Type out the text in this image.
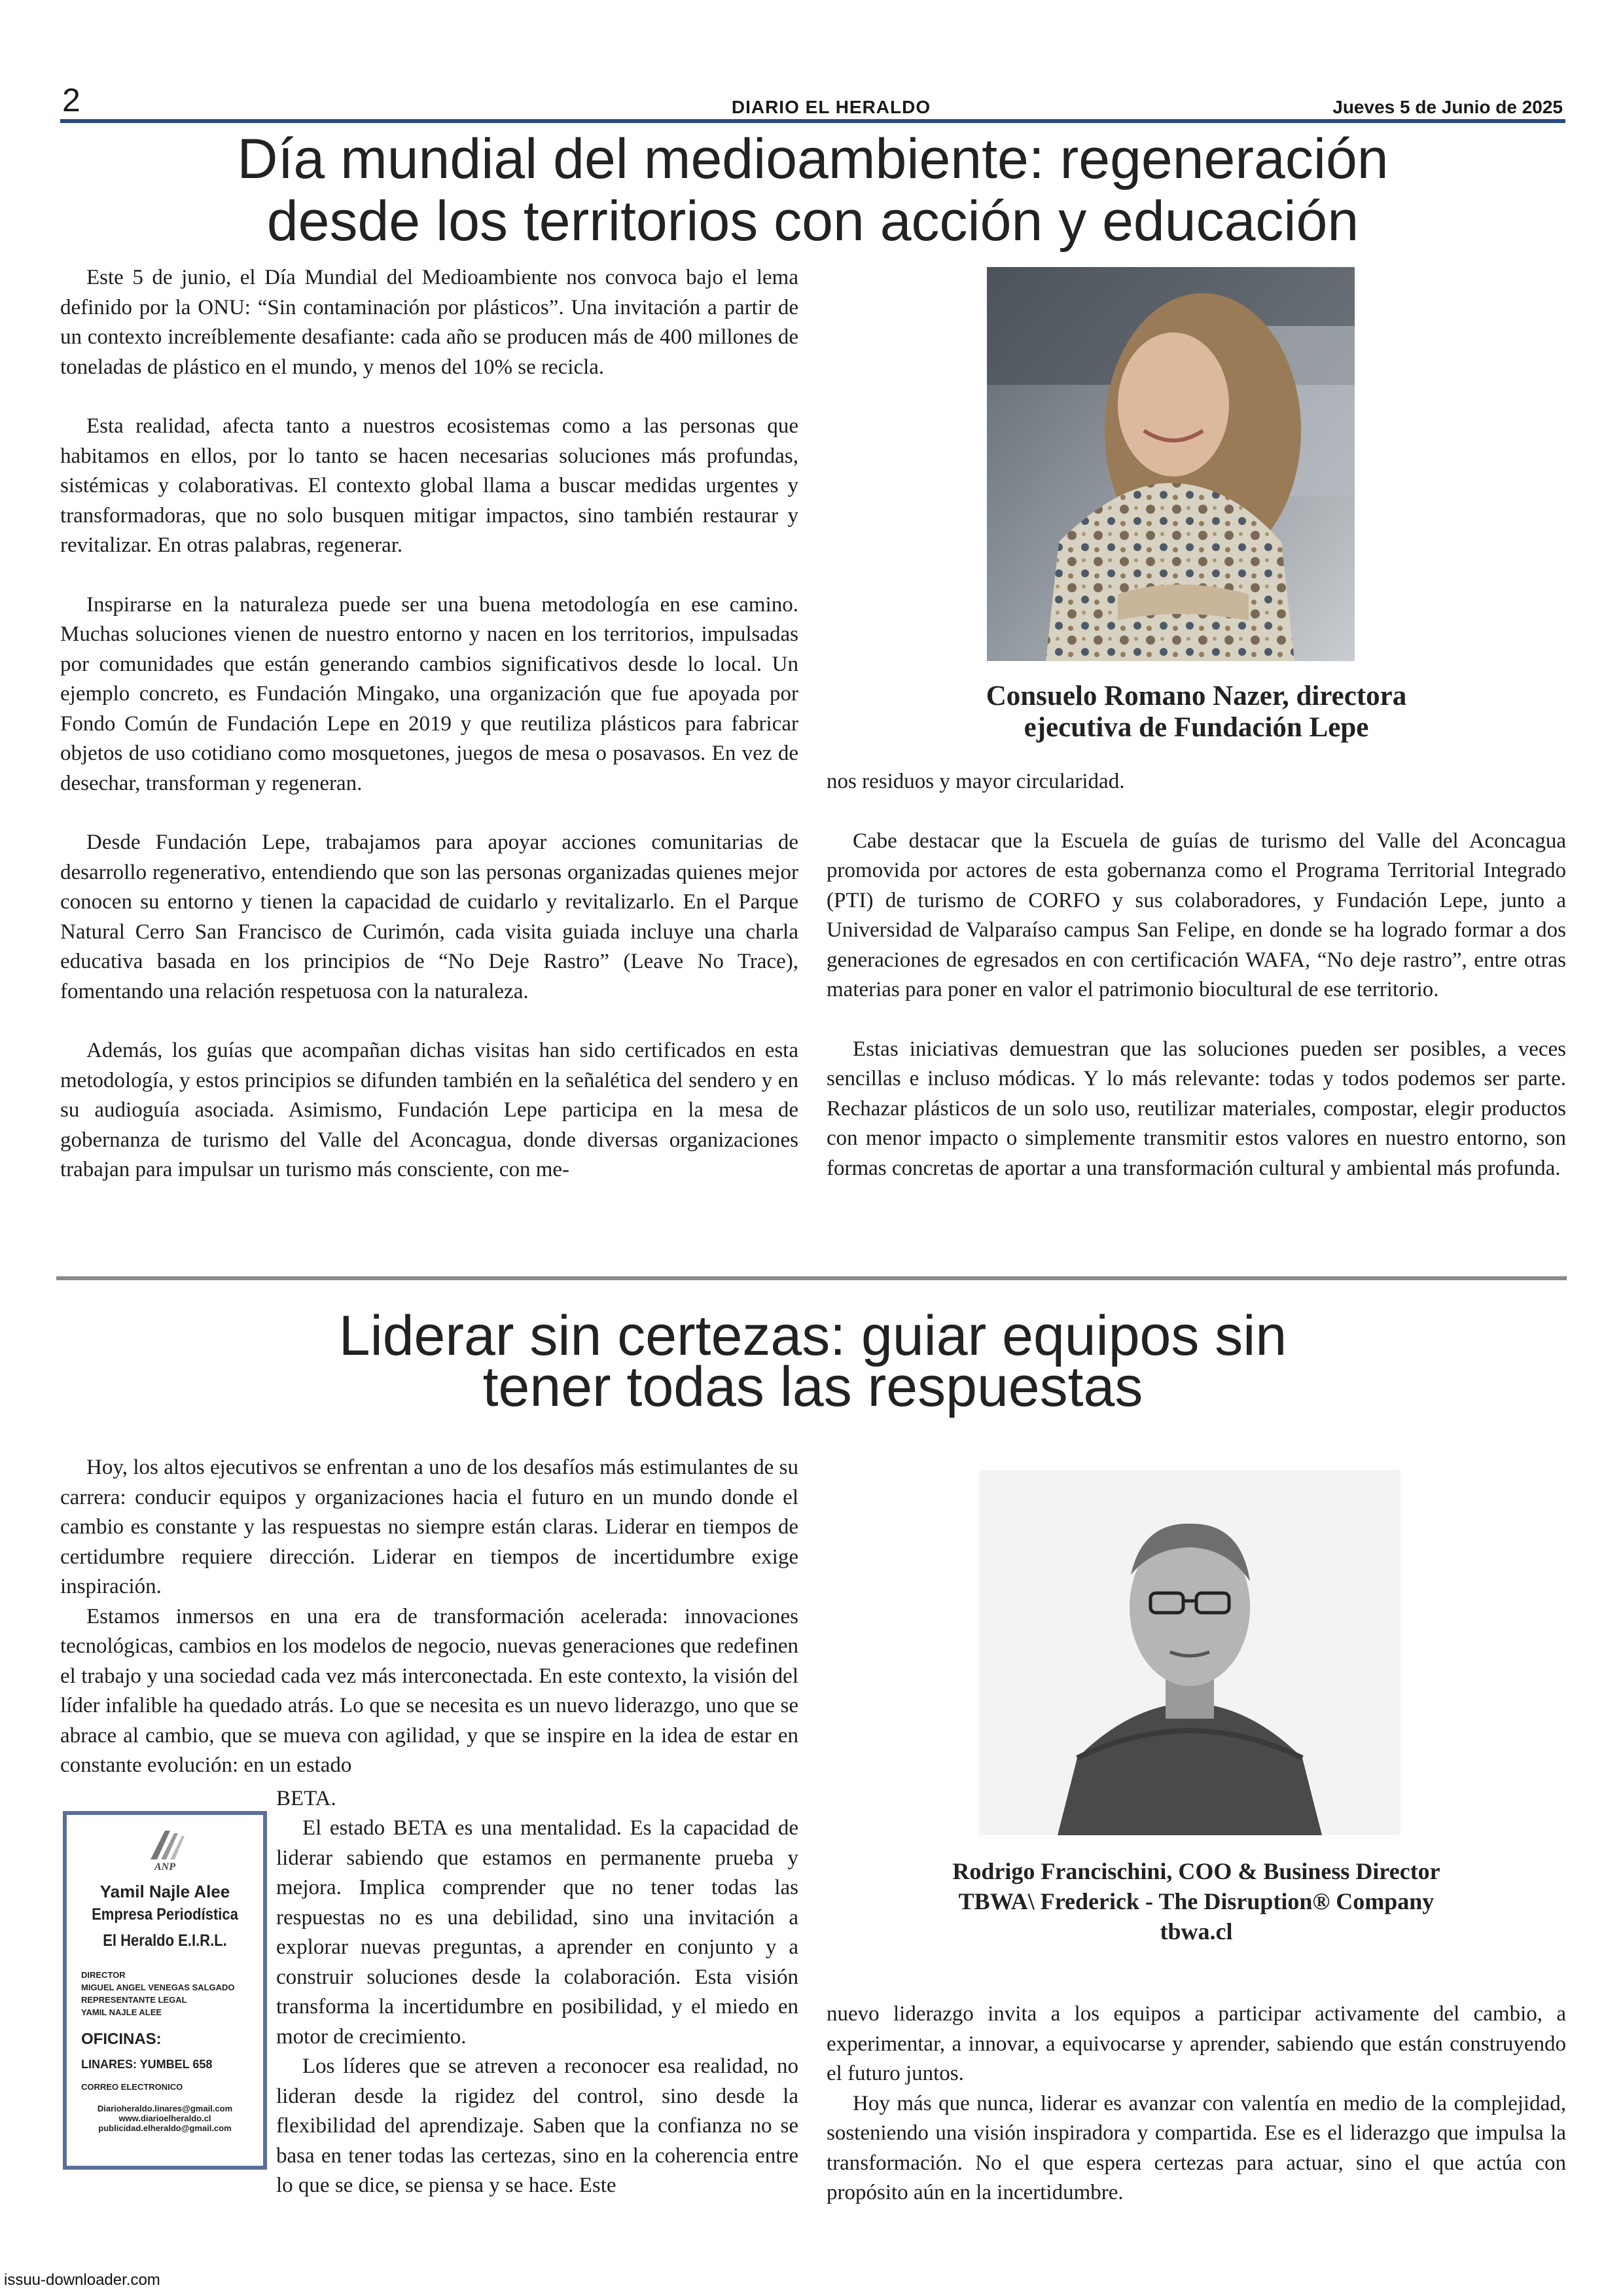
2	DIARIO EL HERALDO	Jueves 5 de Junio de 2025
Día mundial del medioambiente: regeneración
desde los territorios con acción y educación

Este 5 de junio, el Día Mundial del Medioambiente nos convoca bajo el lema definido por la ONU: “Sin contaminación por plásticos”. Una invitación a partir de un contexto increíblemente desafiante: cada año se producen más de 400 millones de toneladas de plástico en el mundo, y menos del 10% se recicla.

Esta realidad, afecta tanto a nuestros ecosistemas como a las personas que habitamos en ellos, por lo tanto se hacen necesarias soluciones más profundas, sistémicas y colaborativas. El contexto global llama a buscar medidas urgentes y transformadoras, que no solo busquen mitigar impactos, sino también restaurar y revitalizar. En otras palabras, regenerar.

Inspirarse en la naturaleza puede ser una buena metodología en ese camino. Muchas soluciones vienen de nuestro entorno y nacen en los territorios, impulsadas por comunidades que están generando cambios significativos desde lo local. Un ejemplo concreto, es Fundación Mingako, una organización que fue apoyada por Fondo Común de Fundación Lepe en 2019 y que reutiliza plásticos para fabricar objetos de uso cotidiano como mosquetones, juegos de mesa o posavasos. En vez de desechar, transforman y regeneran.

Desde Fundación Lepe, trabajamos para apoyar acciones comunitarias de desarrollo regenerativo, entendiendo que son las personas organizadas quienes mejor conocen su entorno y tienen la capacidad de cuidarlo y revitalizarlo. En el Parque Natural Cerro San Francisco de Curimón, cada visita guiada incluye una charla educativa basada en los principios de “No Deje Rastro” (Leave No Trace), fomentando una relación respetuosa con la naturaleza.

Además, los guías que acompañan dichas visitas han sido certificados en esta metodología, y estos principios se difunden también en la señalética del sendero y en su audioguía asociada. Asimismo, Fundación Lepe participa en la mesa de gobernanza de turismo del Valle del Aconcagua, donde diversas organizaciones trabajan para impulsar un turismo más consciente, con me-

Consuelo Romano Nazer, directora
ejecutiva de Fundación Lepe
nos residuos y mayor circularidad.

Cabe destacar que la Escuela de guías de turismo del Valle del Aconcagua promovida por actores de esta gobernanza como el Programa Territorial Integrado (PTI) de turismo de CORFO y sus colaboradores, y Fundación Lepe, junto a Universidad de Valparaíso campus San Felipe, en donde se ha logrado formar a dos generaciones de egresados en con certificación WAFA, “No deje rastro”, entre otras materias para poner en valor el patrimonio biocultural de ese territorio.

Estas iniciativas demuestran que las soluciones pueden ser posibles, a veces sencillas e incluso módicas. Y lo más relevante: todas y todos podemos ser parte. Rechazar plásticos de un solo uso, reutilizar materiales, compostar, elegir productos con menor impacto o simplemente transmitir estos valores en nuestro entorno, son formas concretas de aportar a una transformación cultural y ambiental más profunda.

Liderar sin certezas: guiar equipos sin
tener todas las respuestas

Hoy, los altos ejecutivos se enfrentan a uno de los desafíos más estimulantes de su carrera: conducir equipos y organizaciones hacia el futuro en un mundo donde el cambio es constante y las respuestas no siempre están claras. Liderar en tiempos de certidumbre requiere dirección. Liderar en tiempos de incertidumbre exige inspiración.

Estamos inmersos en una era de transformación acelerada: innovaciones tecnológicas, cambios en los modelos de negocio, nuevas generaciones que redefinen el trabajo y una sociedad cada vez más interconectada. En este contexto, la visión del líder infalible ha quedado atrás. Lo que se necesita es un nuevo liderazgo, uno que se abrace al cambio, que se mueva con agilidad, y que se inspire en la idea de estar en constante evolución: en un estado

BETA.

El estado BETA es una mentalidad. Es la capacidad de liderar sabiendo que estamos en permanente prueba y mejora. Implica comprender que no tener todas las respuestas no es una debilidad, sino una invitación a explorar nuevas preguntas, a aprender en conjunto y a construir soluciones desde la colaboración. Esta visión transforma la incertidumbre en posibilidad, y el miedo en motor de crecimiento.

Los líderes que se atreven a reconocer esa realidad, no lideran desde la rigidez del control, sino desde la flexibilidad del aprendizaje. Saben que la confianza no se basa en tener todas las certezas, sino en la coherencia entre lo que se dice, se piensa y se hace. Este

ANP
Yamil Najle Alee
Empresa Periodística
El Heraldo E.I.R.L.
DIRECTOR
MIGUEL ANGEL VENEGAS SALGADO
REPRESENTANTE LEGAL
YAMIL NAJLE ALEE
OFICINAS:
LINARES: YUMBEL 658
CORREO ELECTRONICO
Diarioheraldo.linares@gmail.com
www.diarioelheraldo.cl
publicidad.elheraldo@gmail.com
Rodrigo Francischini, COO & Business Director
TBWA\ Frederick - The Disruption® Company
tbwa.cl
nuevo liderazgo invita a los equipos a participar activamente del cambio, a experimentar, a innovar, a equivocarse y aprender, sabiendo que están construyendo el futuro juntos.

Hoy más que nunca, liderar es avanzar con valentía en medio de la complejidad, sosteniendo una visión inspiradora y compartida. Ese es el liderazgo que impulsa la transformación. No el que espera certezas para actuar, sino el que actúa con propósito aún en la incertidumbre.

issuu-downloader.com
